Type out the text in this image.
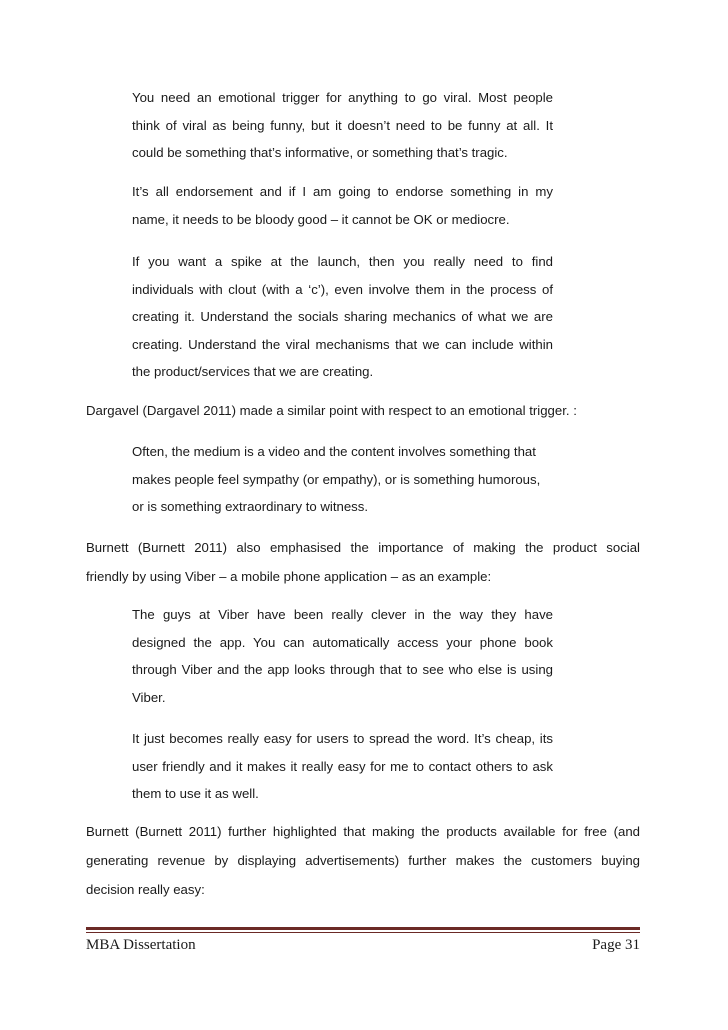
You need an emotional trigger for anything to go viral. Most people
think of viral as being funny, but it doesn’t need to be funny at all. It
could be something that’s informative, or something that’s tragic.

It’s all endorsement and if I am going to endorse something in my
name, it needs to be bloody good – it cannot be OK or mediocre.

If you want a spike at the launch, then you really need to find
individuals with clout (with a ‘c’), even involve them in the process of
creating it. Understand the socials sharing mechanics of what we are
creating. Understand the viral mechanisms that we can include within
the product/services that we are creating.

Dargavel (Dargavel 2011) made a similar point with respect to an emotional trigger. :

Often, the medium is a video and the content involves something that
makes people feel sympathy (or empathy), or is something humorous,
or is something extraordinary to witness.

Burnett (Burnett 2011) also emphasised the importance of making the product social
friendly by using Viber – a mobile phone application – as an example:

The guys at Viber have been really clever in the way they have
designed the app. You can automatically access your phone book
through Viber and the app looks through that to see who else is using
Viber.

It just becomes really easy for users to spread the word. It’s cheap, its
user friendly and it makes it really easy for me to contact others to ask
them to use it as well.

Burnett (Burnett 2011) further highlighted that making the products available for free (and
generating revenue by displaying advertisements) further makes the customers buying
decision really easy:
MBA Dissertation	Page 31
